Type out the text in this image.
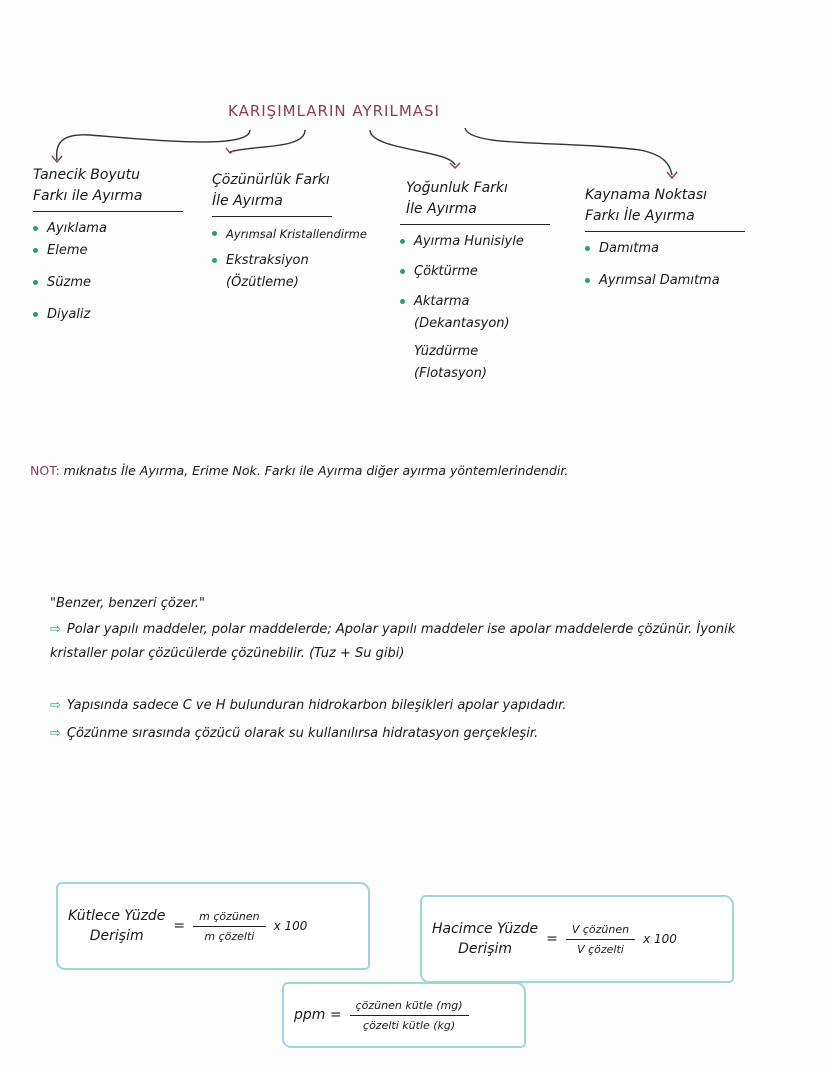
KARIŞIMLARIN AYRILMASI
Tanecik Boyutu
Farkı ile Ayırma
Ayıklama
Eleme
Süzme
Diyaliz
Çözünürlük Farkı
İle Ayırma
Ayrımsal Kristallendirme
Ekstraksiyon
(Özütleme)
Yoğunluk Farkı
İle Ayırma
Ayırma Hunisiyle
Çöktürme
Aktarma
(Dekantasyon)
Yüzdürme
(Flotasyon)
Kaynama Noktası
Farkı İle Ayırma
Damıtma
Ayrımsal Damıtma
NOT: mıknatıs İle Ayırma, Erime Nok. Farkı ile Ayırma diğer ayırma yöntemlerindendir.
"Benzer, benzeri çözer."
⇨ Polar yapılı maddeler, polar maddelerde; Apolar yapılı maddeler ise apolar maddelerde çözünür. İyonik kristaller polar çözücülerde çözünebilir. (Tuz + Su gibi)
⇨ Yapısında sadece C ve H bulunduran hidrokarbon bileşikleri apolar yapıdadır.
⇨ Çözünme sırasında çözücü olarak su kullanılırsa hidratasyon gerçekleşir.
Kütlece Yüzde
Derişim
= $\frac{\text{m çözünen}}{\text{m çözelti}}$ x 100	Hacimce Yüzde
Derişim
= $\frac{\text{V çözünen}}{\text{V çözelti}}$ x 100
ppm = $\frac{\text{çözünen kütle (mg)}}{\text{çözelti kütle (kg)}}$
